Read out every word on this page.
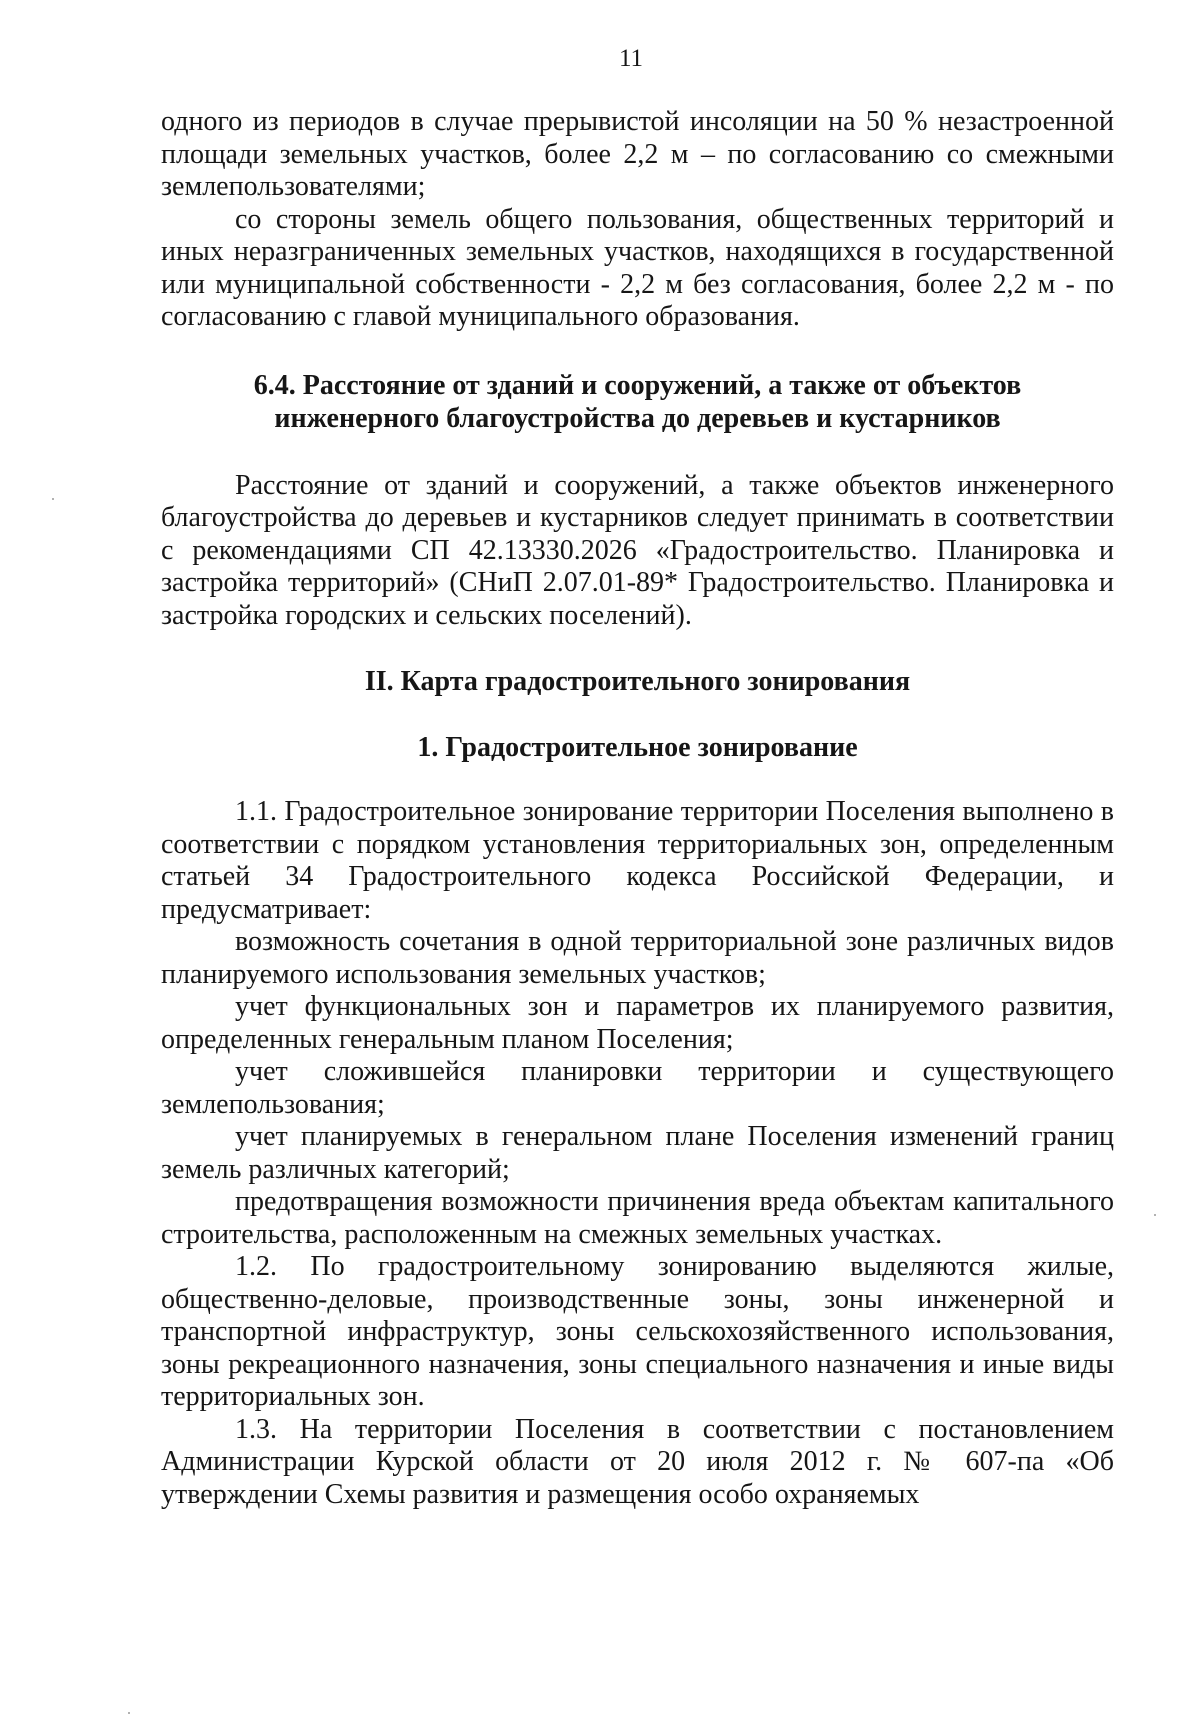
11

одного из периодов в случае прерывистой инсоляции на 50 % незастроенной площади земельных участков, более 2,2 м – по согласованию со смежными землепользователями;

со стороны земель общего пользования, общественных территорий и иных неразграниченных земельных участков, находящихся в государственной или муниципальной собственности - 2,2 м без согласования, более 2,2 м - по согласованию с главой муниципального образования.

6.4. Расстояние от зданий и сооружений, а также от объектов

инженерного благоустройства до деревьев и кустарников

Расстояние от зданий и сооружений, а также объектов инженерного благоустройства до деревьев и кустарников следует принимать в соответствии с рекомендациями СП 42.13330.2026 «Градостроительство. Планировка и застройка территорий» (СНиП 2.07.01-89* Градостроительство. Планировка и застройка городских и сельских поселений).

II. Карта градостроительного зонирования

1. Градостроительное зонирование

1.1. Градостроительное зонирование территории Поселения выполнено в соответствии с порядком установления территориальных зон, определенным статьей 34 Градостроительного кодекса Российской Федерации, и предусматривает:

возможность сочетания в одной территориальной зоне различных видов планируемого использования земельных участков;

учет функциональных зон и параметров их планируемого развития, определенных генеральным планом Поселения;

учет сложившейся планировки территории и существующего землепользования;

учет планируемых в генеральном плане Поселения изменений границ земель различных категорий;

предотвращения возможности причинения вреда объектам капитального строительства, расположенным на смежных земельных участках.

1.2. По градостроительному зонированию выделяются жилые, общественно-деловые, производственные зоны, зоны инженерной и транспортной инфраструктур, зоны сельскохозяйственного использования, зоны рекреационного назначения, зоны специального назначения и иные виды территориальных зон.

1.3. На территории Поселения в соответствии с постановлением Администрации Курской области от 20 июля 2012 г. № 607-па «Об утверждении Схемы развития и размещения особо охраняемых
